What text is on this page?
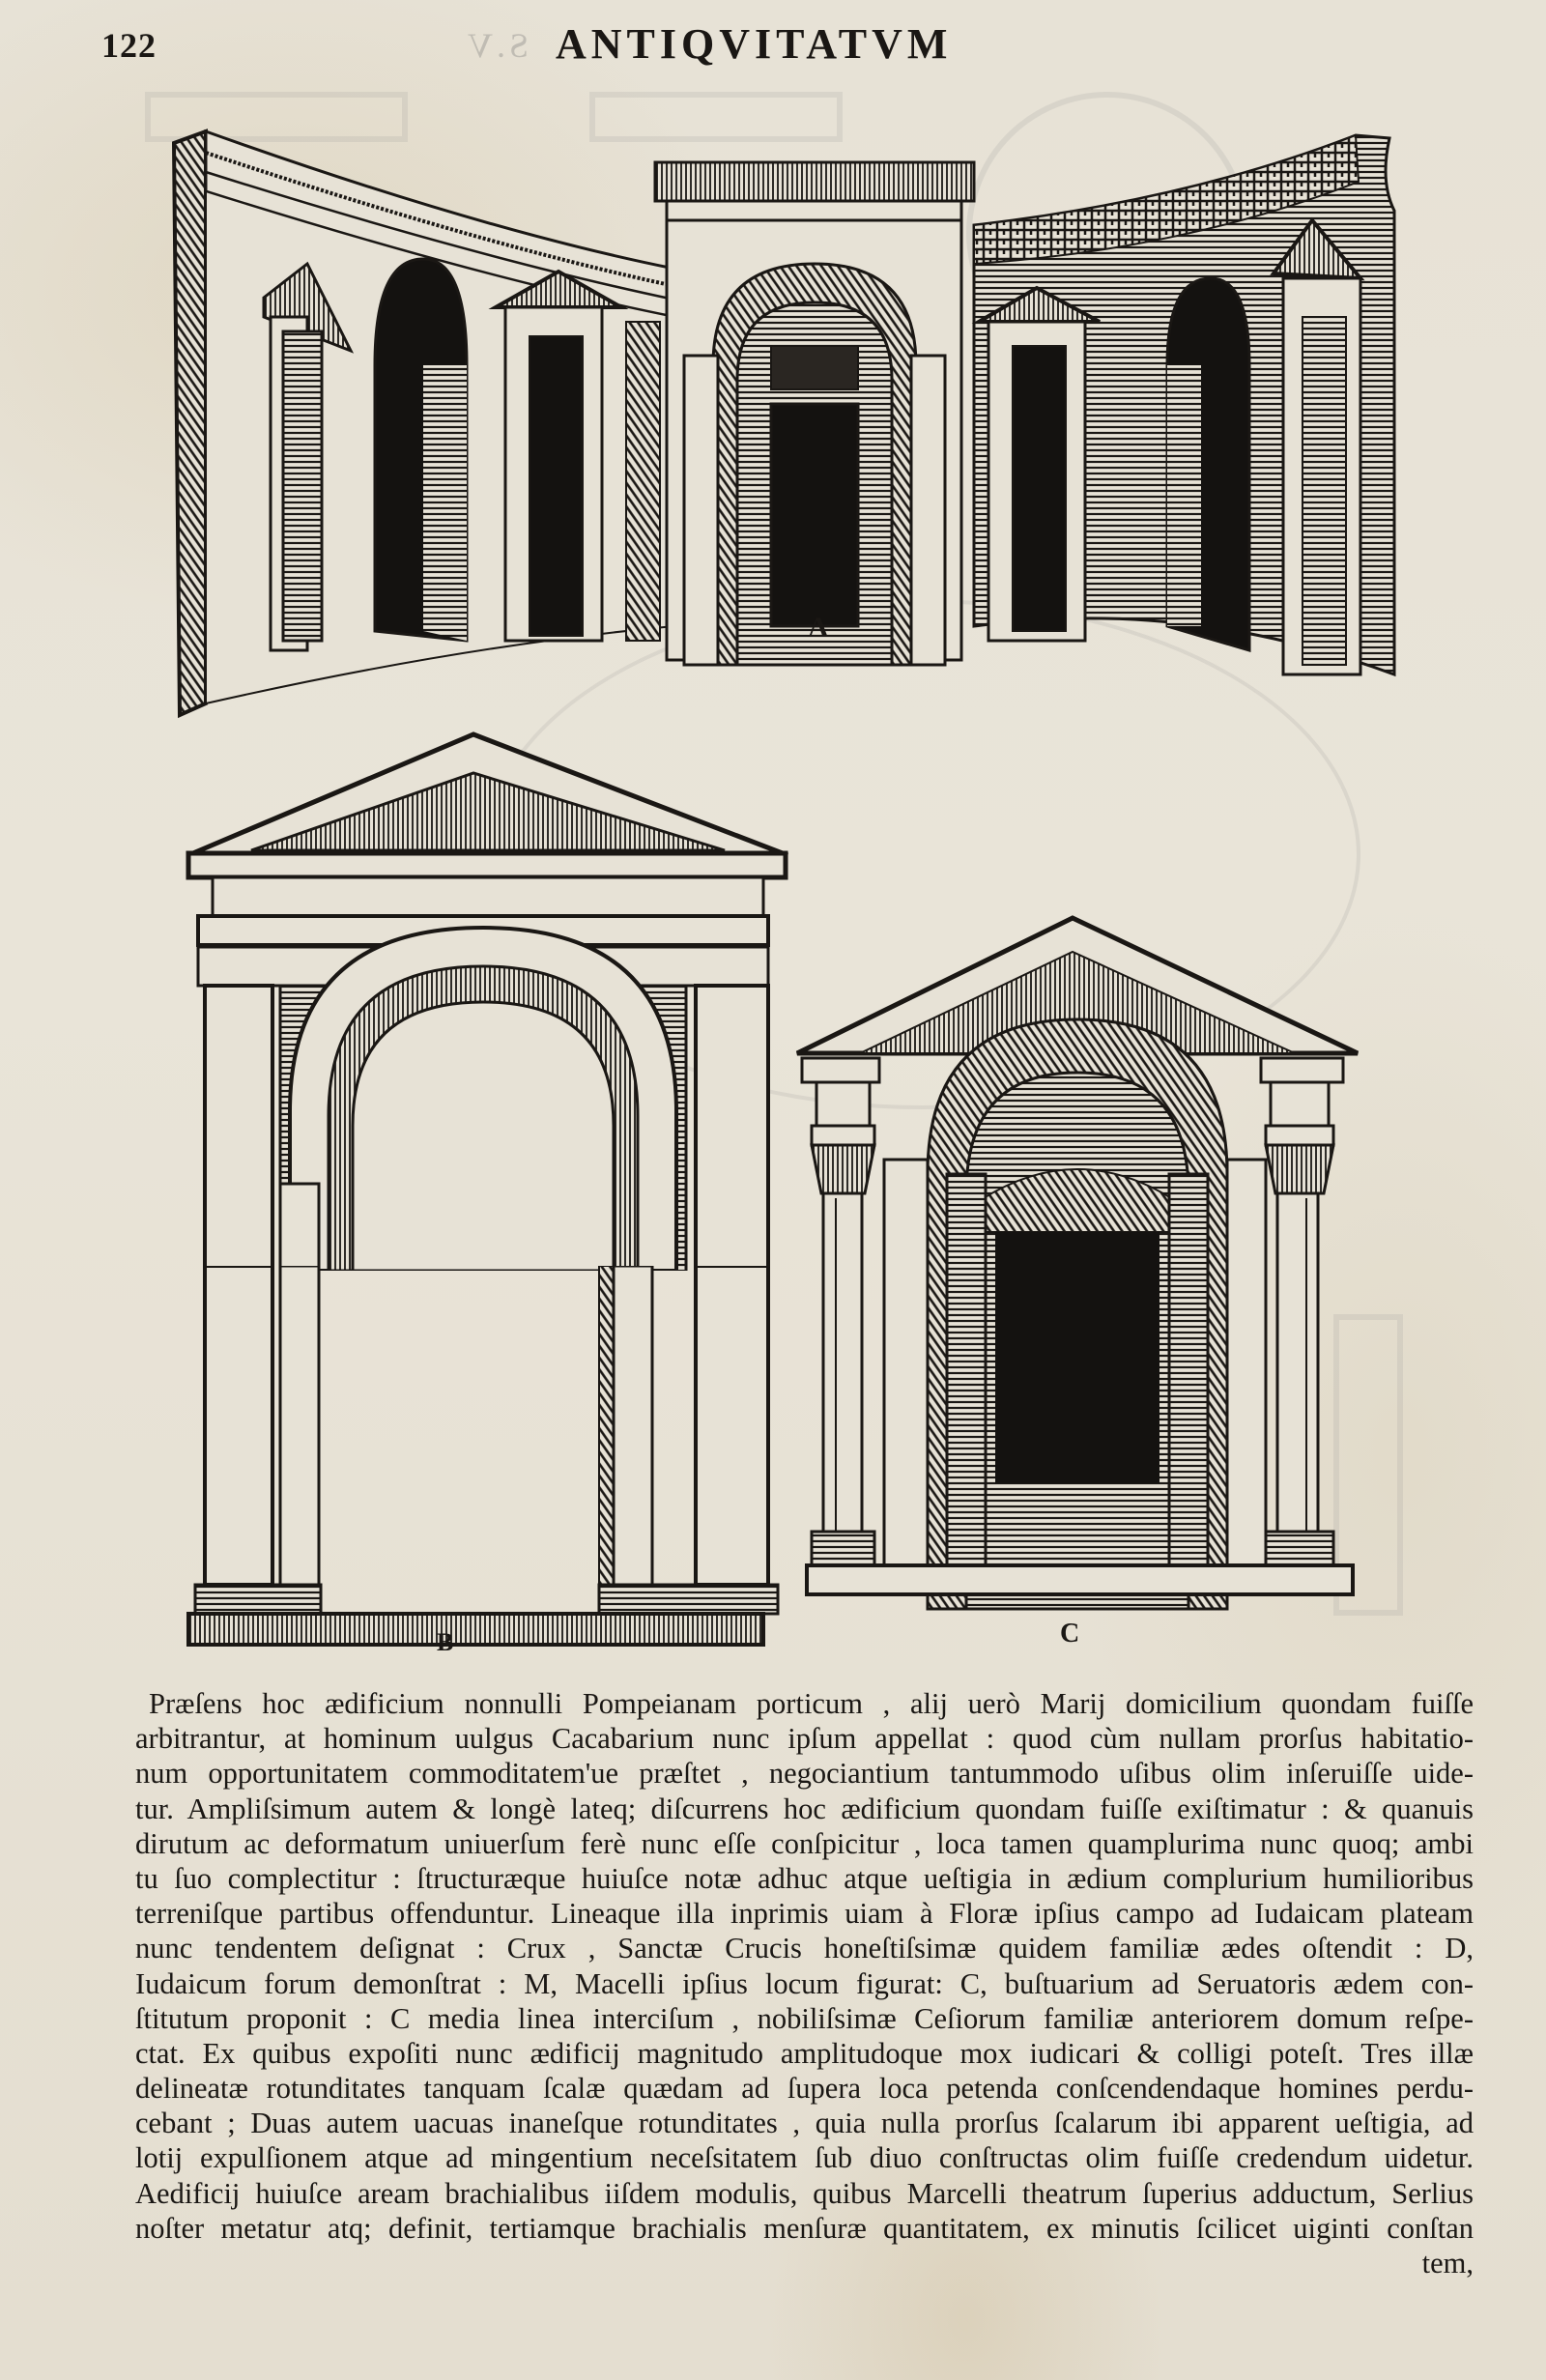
122	S.V ANTIQVITATVM
A
B	C
Præſens hoc ædificium nonnulli Pompeianam porticum , alij uerò Marij domicilium quondam fuiſſe
arbitrantur, at hominum uulgus Cacabarium nunc ipſum appellat : quod cùm nullam prorſus habitatio-
num opportunitatem commoditatem'ue præſtet , negociantium tantummodo uſibus olim inſeruiſſe uide-
tur. Ampliſsimum autem & longè lateq; diſcurrens hoc ædificium quondam fuiſſe exiſtimatur : & quanuis
dirutum ac deformatum uniuerſum ferè nunc eſſe conſpicitur , loca tamen quamplurima nunc quoq; ambi
tu ſuo complectitur : ſtructuræque huiuſce notæ adhuc atque ueſtigia in ædium complurium humilioribus
terreniſque partibus offenduntur. Lineaque illa inprimis uiam à Floræ ipſius campo ad Iudaicam plateam
nunc tendentem deſignat : Crux , Sanctæ Crucis honeſtiſsimæ quidem familiæ ædes oſtendit : D,
Iudaicum forum demonſtrat : M, Macelli ipſius locum figurat: C, buſtuarium ad Seruatoris ædem con-
ſtitutum proponit : C media linea interciſum , nobiliſsimæ Ceſiorum familiæ anteriorem domum reſpe-
ctat. Ex quibus expoſiti nunc ædificij magnitudo amplitudoque mox iudicari & colligi poteſt. Tres illæ
delineatæ rotunditates tanquam ſcalæ quædam ad ſupera loca petenda conſcendendaque homines perdu-
cebant ; Duas autem uacuas inaneſque rotunditates , quia nulla prorſus ſcalarum ibi apparent ueſtigia, ad
lotij expulſionem atque ad mingentium neceſsitatem ſub diuo conſtructas olim fuiſſe credendum uidetur.
Aedificij huiuſce aream brachialibus iiſdem modulis, quibus Marcelli theatrum ſuperius adductum, Serlius
noſter metatur atq; definit, tertiamque brachialis menſuræ quantitatem, ex minutis ſcilicet uiginti conſtan
tem,
